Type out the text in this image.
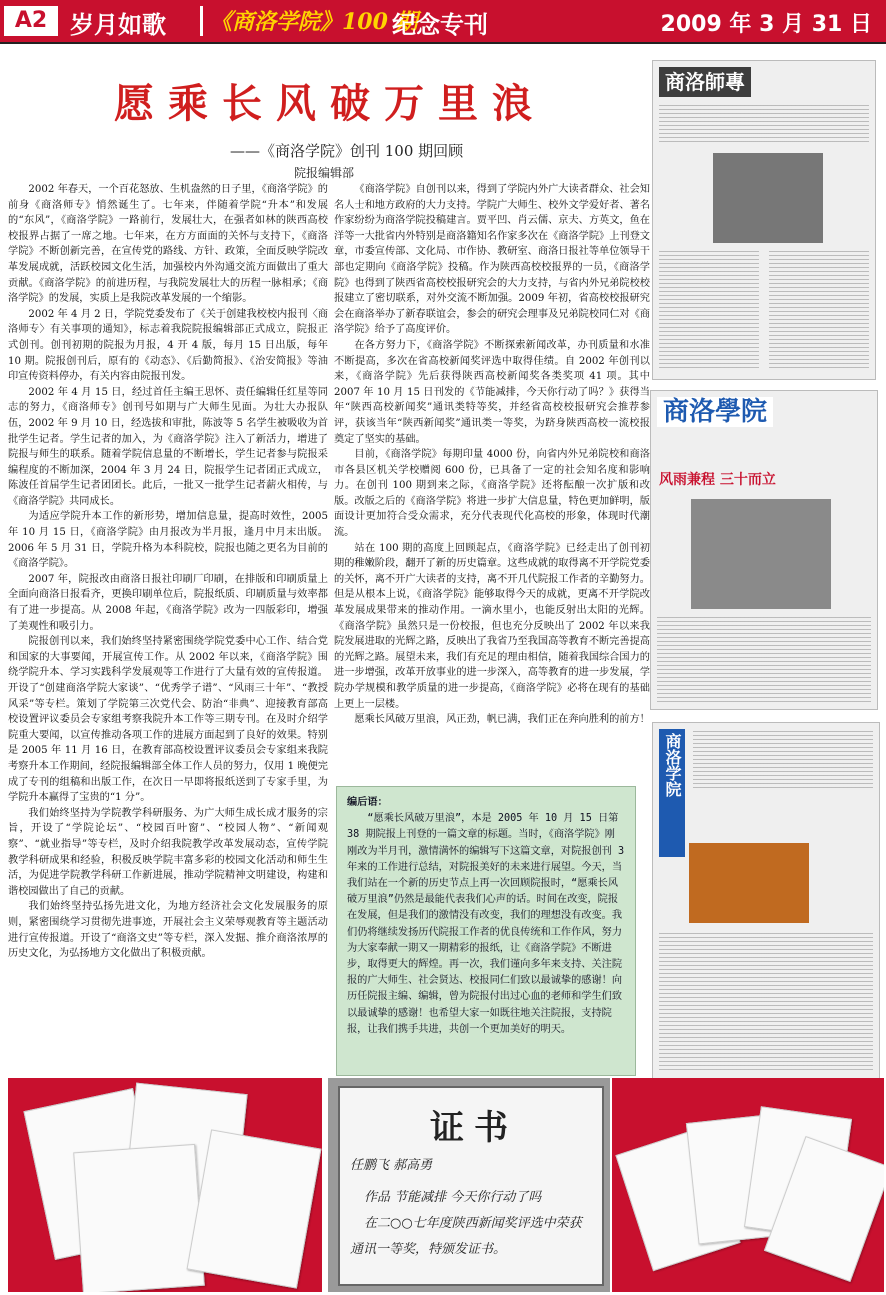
A2 岁月如歌 《商洛学院》100 期
纪念专刊	2009 年 3 月 31 日
愿乘长风破万里浪
——《商洛学院》创刊 100 期回顾
院报编辑部

2002 年春天，一个百花怒放、生机盎然的日子里，《商洛学院》的前身《商洛师专》悄然诞生了。七年来，伴随着学院“升本”和发展的“东风”，《商洛学院》一路前行，发展壮大，在强者如林的陕西高校校报界占据了一席之地。七年来，在方方面面的关怀与支持下，《商洛学院》不断创新完善，在宣传党的路线、方针、政策，全面反映学院改革发展成就，活跃校园文化生活，加强校内外沟通交流方面做出了重大贡献。《商洛学院》的前进历程，与我院发展壮大的历程一脉相承；《商洛学院》的发展，实质上是我院改革发展的一个缩影。

2002 年 4 月 2 日，学院党委发布了《关于创建我校校内报刊〈商洛师专〉有关事项的通知》，标志着我院院报编辑部正式成立，院报正式创刊。创刊初期的院报为月报，4 开 4 版，每月 15 日出版，每年 10 期。院报创刊后，原有的《动态》、《后勤简报》、《治安简报》等油印宣传资料停办，有关内容由院报刊发。

2002 年 4 月 15 日，经过首任主编王思怀、责任编辑任红星等同志的努力，《商洛师专》创刊号如期与广大师生见面。为壮大办报队伍，2002 年 9 月 10 日，经选拔和审批，陈波等 5 名学生被吸收为首批学生记者。学生记者的加入，为《商洛学院》注入了新活力，增进了院报与师生的联系。随着学院信息量的不断增长，学生记者参与院报采编程度的不断加深，2004 年 3 月 24 日，院报学生记者团正式成立，陈波任首届学生记者团团长。此后，一批又一批学生记者薪火相传，与《商洛学院》共同成长。

为适应学院升本工作的新形势，增加信息量，提高时效性，2005 年 10 月 15 日，《商洛学院》由月报改为半月报，逢月中月末出版。2006 年 5 月 31 日，学院升格为本科院校，院报也随之更名为目前的《商洛学院》。

2007 年，院报改由商洛日报社印刷厂印刷，在排版和印刷质量上全面向商洛日报看齐，更换印刷单位后，院报纸质、印刷质量与效率都有了进一步提高。从 2008 年起，《商洛学院》改为一四版彩印，增强了美观性和吸引力。

院报创刊以来，我们始终坚持紧密围绕学院党委中心工作、结合党和国家的大事要闻，开展宣传工作。从 2002 年以来，《商洛学院》围绕学院升本、学习实践科学发展观等工作进行了大量有效的宣传报道。开设了“创建商洛学院大家谈”、“优秀学子谱”、“风雨三十年”、“教授风采”等专栏。策划了学院第三次党代会、防治“非典”、迎接教育部高校设置评议委员会专家组考察我院升本工作等三期专刊。在及时介绍学院重大要闻，以宣传推动各项工作的进展方面起到了良好的效果。特别是 2005 年 11 月 16 日，在教育部高校设置评议委员会专家组来我院考察升本工作期间，经院报编辑部全体工作人员的努力，仅用 1 晚便完成了专刊的组稿和出版工作，在次日一早即将报纸送到了专家手里，为学院升本赢得了宝贵的“1 分”。

我们始终坚持为学院教学科研服务、为广大师生成长成才服务的宗旨，开设了“学院论坛”、“校园百叶窗”、“校园人物”、“新闻观察”、“就业指导”等专栏，及时介绍我院教学改革发展动态，宣传学院教学科研成果和经验，积极反映学院丰富多彩的校园文化活动和师生生活，为促进学院教学科研工作新进展，推动学院精神文明建设，构建和谐校园做出了自己的贡献。

我们始终坚持弘扬先进文化，为地方经济社会文化发展服务的原则，紧密围绕学习贯彻先进事迹，开展社会主义荣辱观教育等主题活动进行宣传报道。开设了“商洛文史”等专栏，深入发掘、推介商洛浓厚的历史文化，为弘扬地方文化做出了积极贡献。

《商洛学院》自创刊以来，得到了学院内外广大读者群众、社会知名人士和地方政府的大力支持。学院广大师生、校外文学爱好者、著名作家纷纷为商洛学院投稿建言。贾平凹、肖云儒、京夫、方英文，鱼在洋等一大批省内外特别是商洛籍知名作家多次在《商洛学院》上刊登文章，市委宣传部、文化局、市作协、教研室、商洛日报社等单位领导干部也定期向《商洛学院》投稿。作为陕西高校校报界的一员，《商洛学院》也得到了陕西省高校校报研究会的大力支持，与省内外兄弟院校校报建立了密切联系，对外交流不断加强。2009 年初，省高校校报研究会在商洛举办了新春联谊会，参会的研究会理事及兄弟院校同仁对《商洛学院》给予了高度评价。

在各方努力下，《商洛学院》不断探索新闻改革，办刊质量和水准不断提高，多次在省高校新闻奖评选中取得佳绩。自 2002 年创刊以来，《商洛学院》先后获得陕西高校新闻奖各类奖项 41 项。其中 2007 年 10 月 15 日刊发的《节能减排，今天你行动了吗？》获得当年“陕西高校新闻奖”通讯类特等奖，并经省高校校报研究会推荐参评，获该当年“陕西新闻奖”通讯类一等奖，为跻身陕西高校一流校报奠定了坚实的基础。

目前，《商洛学院》每期印量 4000 份，向省内外兄弟院校和商洛市各县区机关学校赠阅 600 份，已具备了一定的社会知名度和影响力。在创刊 100 期到来之际，《商洛学院》还将酝酿一次扩版和改版。改版之后的《商洛学院》将进一步扩大信息量，特色更加鲜明，版面设计更加符合受众需求，充分代表现代化高校的形象，体现时代潮流。

站在 100 期的高度上回顾起点，《商洛学院》已经走出了创刊初期的稚嫩阶段，翻开了新的历史篇章。这些成就的取得离不开学院党委的关怀，离不开广大读者的支持，离不开几代院报工作者的辛勤努力。但是从根本上说，《商洛学院》能够取得今天的成就，更离不开学院改革发展成果带来的推动作用。一滴水里小，也能反射出太阳的光辉。《商洛学院》虽然只是一份校报，但也充分反映出了 2002 年以来我院发展进取的光辉之路，反映出了我省乃至我国高等教育不断完善提高的光辉之路。展望未来，我们有充足的理由相信，随着我国综合国力的进一步增强，改革开放事业的进一步深入，高等教育的进一步发展，学院办学规模和教学质量的进一步提高，《商洛学院》必将在现有的基础上更上一层楼。

愿乘长风破万里浪，风正劲，帆已满，我们正在奔向胜利的前方！

编后语：

“愿乘长风破万里浪”，本是 2005 年 10 月 15 日第 38 期院报上刊登的一篇文章的标题。当时，《商洛学院》刚刚改为半月刊，激情满怀的编辑写下这篇文章，对院报创刊 3 年来的工作进行总结，对院报美好的未来进行展望。今天，当我们站在一个新的历史节点上再一次回顾院报时，“愿乘长风破万里浪”仍然是最能代表我们心声的话。时间在改变，院报在发展，但是我们的激情没有改变，我们的理想没有改变。我们仍将继续发扬历代院报工作者的优良传统和工作作风，努力为大家奉献一期又一期精彩的报纸，让《商洛学院》不断进步，取得更大的辉煌。再一次，我们谨向多年来支持、关注院报的广大师生、社会贤达、校报同仁们致以最诚挚的感谢！向历任院报主编、编辑，曾为院报付出过心血的老师和学生们致以最诚挚的感谢！也希望大家一如既往地关注院报，支持院报，让我们携手共进，共创一个更加美好的明天。

商洛師專
商洛學院
风雨兼程 三十而立
商洛学院
证书
任鹏飞 郝高勇
作品 节能减排 今天你行动了吗
在二○○七年度陕西新闻奖评选中荣获
通讯一等奖，特颁发证书。
